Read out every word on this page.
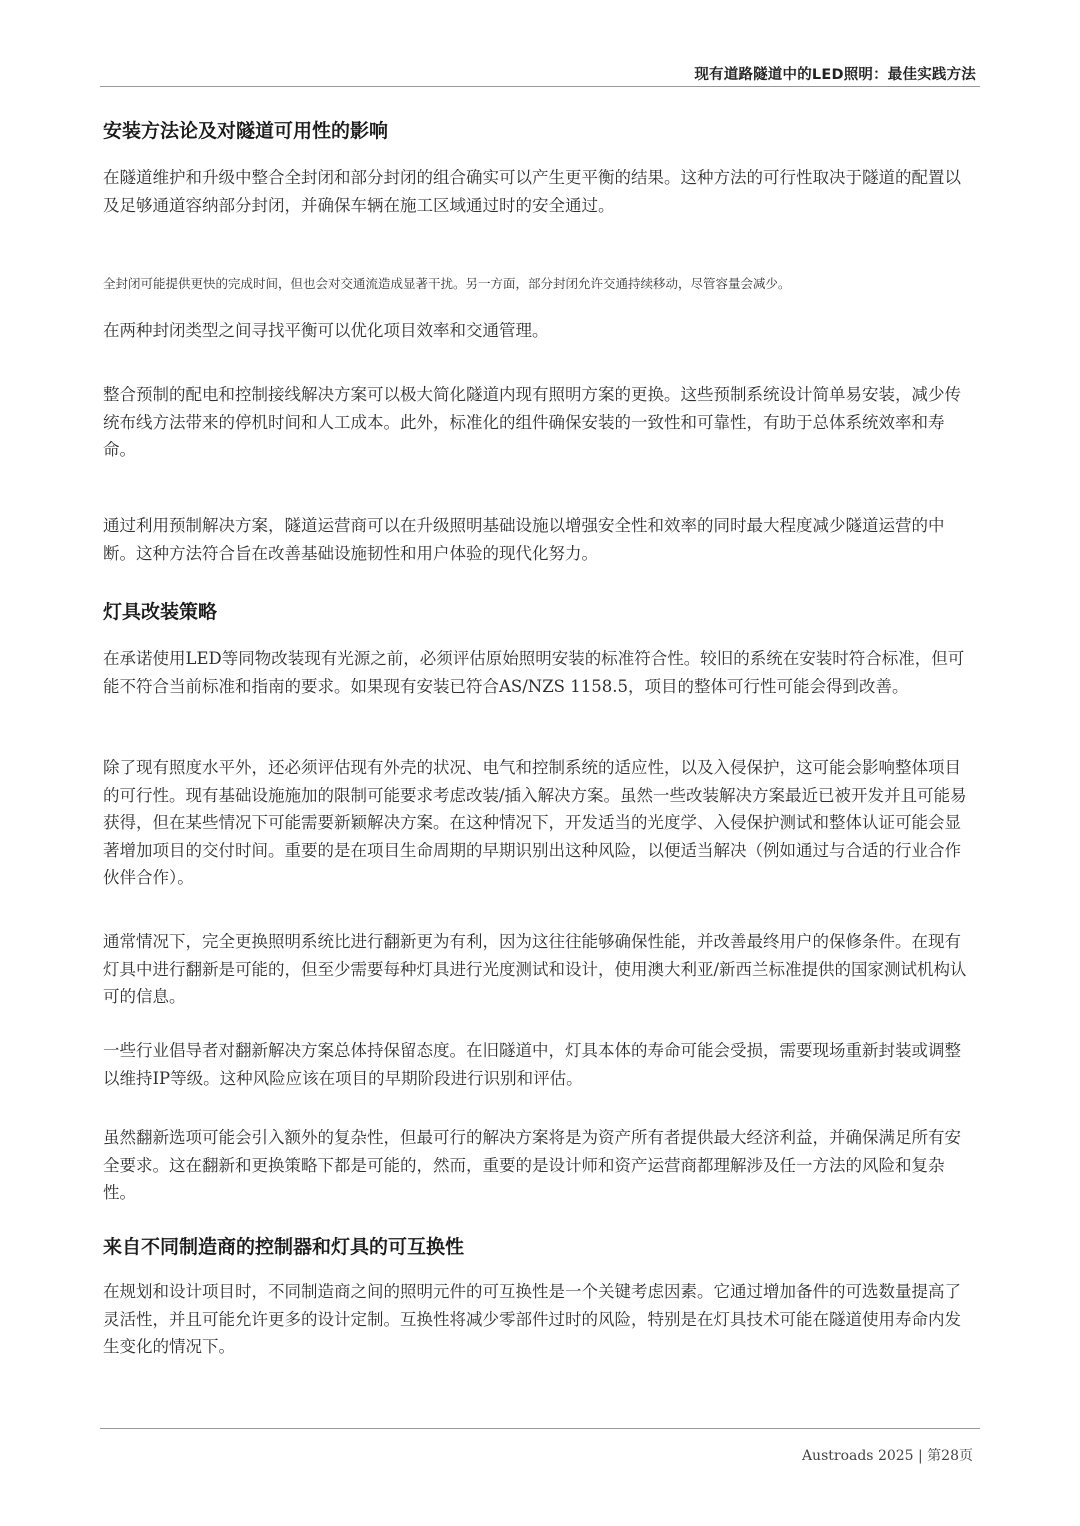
现有道路隧道中的LED照明：最佳实践方法
安装方法论及对隧道可用性的影响

在隧道维护和升级中整合全封闭和部分封闭的组合确实可以产生更平衡的结果。这种方法的可行性取决于隧道的配置以及足够通道容纳部分封闭，并确保车辆在施工区域通过时的安全通过。

全封闭可能提供更快的完成时间，但也会对交通流造成显著干扰。另一方面，部分封闭允许交通持续移动，尽管容量会减少。

在两种封闭类型之间寻找平衡可以优化项目效率和交通管理。

整合预制的配电和控制接线解决方案可以极大简化隧道内现有照明方案的更换。这些预制系统设计简单易安装，减少传统布线方法带来的停机时间和人工成本。此外，标准化的组件确保安装的一致性和可靠性，有助于总体系统效率和寿命。

通过利用预制解决方案，隧道运营商可以在升级照明基础设施以增强安全性和效率的同时最大程度减少隧道运营的中断。这种方法符合旨在改善基础设施韧性和用户体验的现代化努力。

灯具改装策略

在承诺使用LED等同物改装现有光源之前，必须评估原始照明安装的标准符合性。较旧的系统在安装时符合标准，但可能不符合当前标准和指南的要求。如果现有安装已符合AS/NZS 1158.5，项目的整体可行性可能会得到改善。

除了现有照度水平外，还必须评估现有外壳的状况、电气和控制系统的适应性，以及入侵保护，这可能会影响整体项目的可行性。现有基础设施施加的限制可能要求考虑改装/插入解决方案。虽然一些改装解决方案最近已被开发并且可能易获得，但在某些情况下可能需要新颖解决方案。在这种情况下，开发适当的光度学、入侵保护测试和整体认证可能会显著增加项目的交付时间。重要的是在项目生命周期的早期识别出这种风险，以便适当解决（例如通过与合适的行业合作伙伴合作）。

通常情况下，完全更换照明系统比进行翻新更为有利，因为这往往能够确保性能，并改善最终用户的保修条件。在现有灯具中进行翻新是可能的，但至少需要每种灯具进行光度测试和设计，使用澳大利亚/新西兰标准提供的国家测试机构认可的信息。

一些行业倡导者对翻新解决方案总体持保留态度。在旧隧道中，灯具本体的寿命可能会受损，需要现场重新封装或调整以维持IP等级。这种风险应该在项目的早期阶段进行识别和评估。

虽然翻新选项可能会引入额外的复杂性，但最可行的解决方案将是为资产所有者提供最大经济利益，并确保满足所有安全要求。这在翻新和更换策略下都是可能的，然而，重要的是设计师和资产运营商都理解涉及任一方法的风险和复杂性。

来自不同制造商的控制器和灯具的可互换性

在规划和设计项目时，不同制造商之间的照明元件的可互换性是一个关键考虑因素。它通过增加备件的可选数量提高了灵活性，并且可能允许更多的设计定制。互换性将减少零部件过时的风险，特别是在灯具技术可能在隧道使用寿命内发生变化的情况下。

Austroads 2025 | 第28页
